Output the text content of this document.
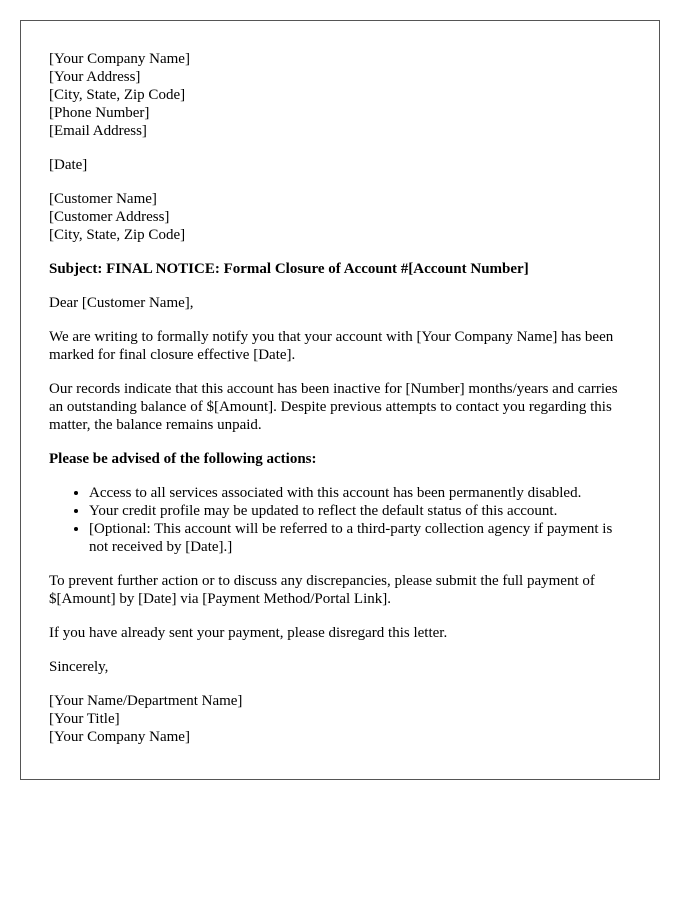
[Your Company Name]
[Your Address]
[City, State, Zip Code]
[Phone Number]
[Email Address]

[Date]

[Customer Name]
[Customer Address]
[City, State, Zip Code]

Subject: FINAL NOTICE: Formal Closure of Account #[Account Number]

Dear [Customer Name],

We are writing to formally notify you that your account with [Your Company Name] has been marked for final closure effective [Date].

Our records indicate that this account has been inactive for [Number] months/years and carries an outstanding balance of $[Amount]. Despite previous attempts to contact you regarding this matter, the balance remains unpaid.

Please be advised of the following actions:

• Access to all services associated with this account has been permanently disabled.
• Your credit profile may be updated to reflect the default status of this account.
• [Optional: This account will be referred to a third-party collection agency if payment is not received by [Date].]

To prevent further action or to discuss any discrepancies, please submit the full payment of $[Amount] by [Date] via [Payment Method/Portal Link].

If you have already sent your payment, please disregard this letter.

Sincerely,

[Your Name/Department Name]
[Your Title]
[Your Company Name]
